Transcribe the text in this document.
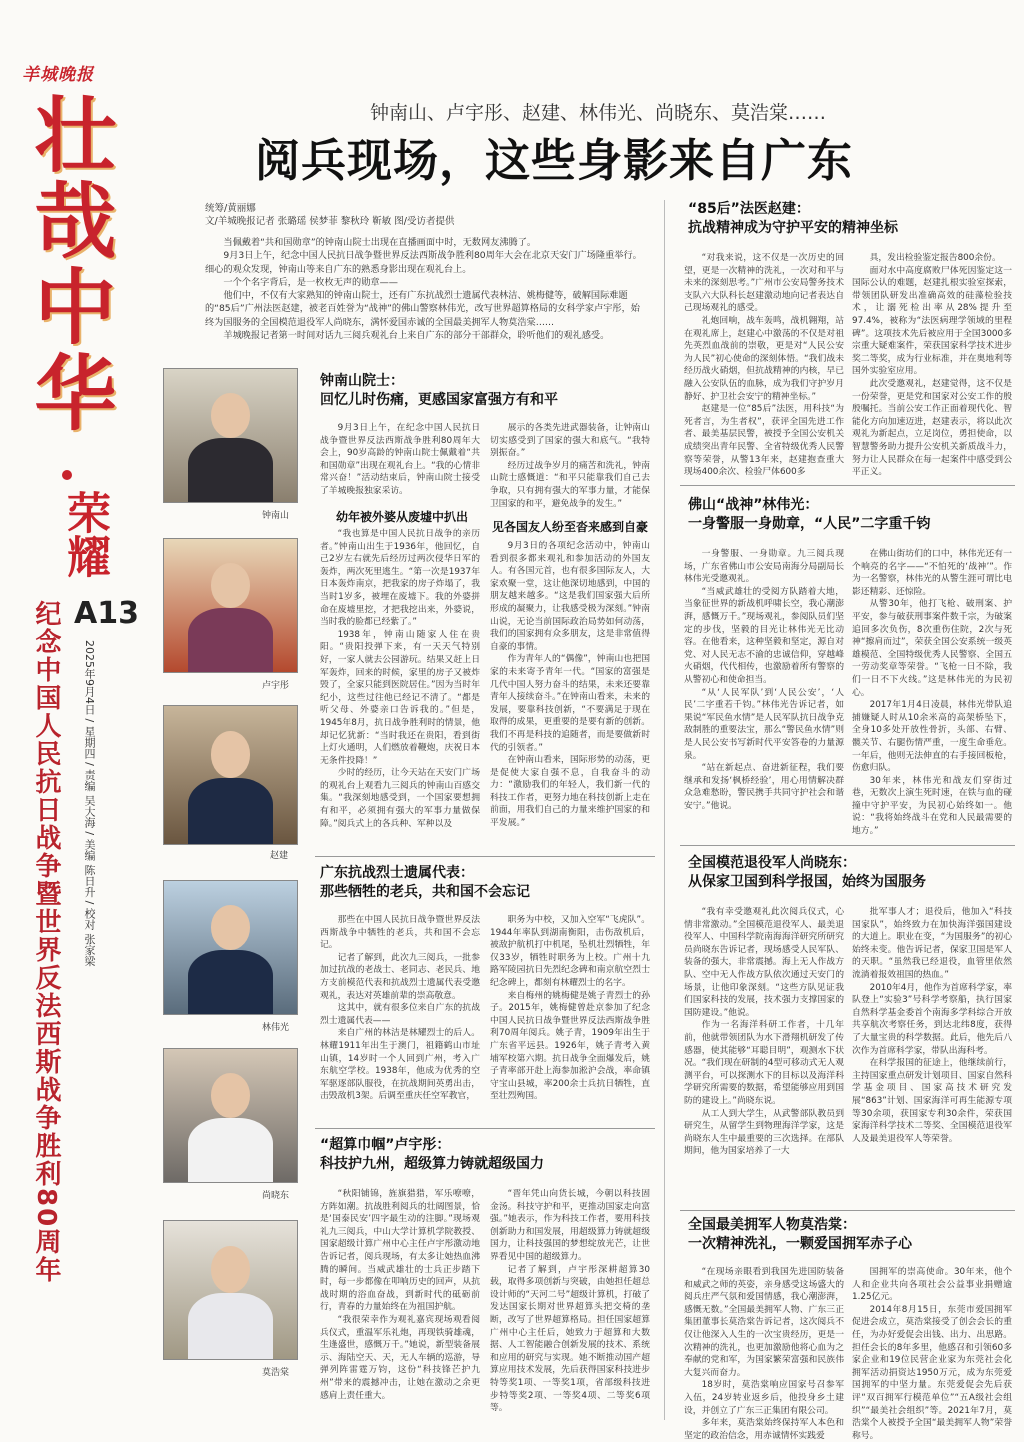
羊城晚报
壮哉中华
荣耀
纪念中国人民抗日战争暨世界反法西斯战争胜利80周年 A13
2025年9月4日 / 星期四 / 责编 吴大海 / 美编 陈日升 / 校对 张家梁
钟南山、卢宇彤、赵建、林伟光、尚晓东、莫浩棠……
阅兵现场，这些身影来自广东
统筹/黄丽娜
文/羊城晚报记者 张璐瑶 侯梦菲 黎秋玲 靳敏 图/受访者提供

当佩戴着“共和国勋章”的钟南山院士出现在直播画面中时，无数网友沸腾了。

9月3日上午，纪念中国人民抗日战争暨世界反法西斯战争胜利80周年大会在北京天安门广场隆重举行。细心的观众发现，钟南山等来自广东的熟悉身影出现在观礼台上。

一个个名字背后，是一枚枚无声的勋章——

他们中，不仅有大家熟知的钟南山院士，还有广东抗战烈士遗属代表林洁、姚梅健等，破解国际难题的“85后”广州法医赵建，被老百姓誉为“战神”的佛山警察林伟光，改写世界超算格局的女科学家卢宇彤，始终为国服务的全国模范退役军人尚晓东，满怀爱国赤诚的全国最美拥军人物莫浩棠……

羊城晚报记者第一时间对话九三阅兵观礼台上来自广东的部分干部群众，聆听他们的观礼感受。

钟南山
卢宇彤
赵建
林伟光
尚晓东
莫浩棠
钟南山院士：
回忆儿时伤痛，更感国家富强方有和平

9月3日上午，在纪念中国人民抗日战争暨世界反法西斯战争胜利80周年大会上，90岁高龄的钟南山院士佩戴着“共和国勋章”出现在观礼台上。“我的心情非常兴奋！”活动结束后，钟南山院士接受了羊城晚报独家采访。

幼年被外婆从废墟中扒出

“我也算是中国人民抗日战争的亲历者。”钟南山出生于1936年，他回忆，自己2岁左右就先后经历过两次侵华日军的轰炸，两次死里逃生。“第一次是1937年日本轰炸南京，把我家的房子炸塌了，我当时1岁多，被埋在废墟下。我的外婆拼命在废墟里挖，才把我挖出来，外婆说，当时我的脸都已经紫了。”

1938年，钟南山随家人住在贵阳。“贵阳投弹下来，有一天天气特别好，一家人就去公园游玩。结果又赶上日军轰炸，回来的时候，家里的房子又被炸毁了，全家只能到医院居住。”因为当时年纪小，这些过往他已经记不清了。“都是听父母、外婆亲口告诉我的。”但是，1945年8月，抗日战争胜利时的情景，他却记忆犹新：“当时我还在贵阳，看到街上灯火通明，人们燃放着鞭炮，庆祝日本无条件投降！”

少时的经历，让今天站在天安门广场的观礼台上观看九三阅兵的钟南山百感交集。“我深刻地感受到，一个国家要想拥有和平，必须拥有强大的军事力量做保障。”阅兵式上的各兵种、军种以及

展示的各类先进武器装备，让钟南山切实感受到了国家的强大和底气。“我特别振奋。”

经历过战争岁月的痛苦和洗礼，钟南山院士感慨道：“和平只能靠我们自己去争取，只有拥有强大的军事力量，才能保卫国家的和平，避免战争的发生。”

见各国友人纷至沓来感到自豪

9月3日的各项纪念活动中，钟南山看到很多都来观礼和参加活动的外国友人。有各国元首，也有很多国际友人，大家欢聚一堂，这让他深切地感到，中国的朋友越来越多。“这是我们国家强大后所形成的凝聚力，让我感受极为深刻。”钟南山说，无论当前国际政治局势如何动荡，我们的国家拥有众多朋友，这是非常值得自豪的事情。

作为青年人的“偶像”，钟南山也把国家的未来寄予青年一代。“国家的富强是几代中国人努力奋斗的结果，未来还要靠青年人接续奋斗。”在钟南山看来，未来的发展，要靠科技创新，“不要满足于现在取得的成果，更重要的是要有新的创新。我们不再是科技的追随者，而是要做新时代的引领者。”

在钟南山看来，国际形势的动荡，更是促使大家自强不息，自我奋斗的动力：“激励我们的年轻人，我们新一代的科技工作者，更努力地在科技创新上走在前面，用我们自己的力量来维护国家的和平发展。”

广东抗战烈士遗属代表：
那些牺牲的老兵，共和国不会忘记

那些在中国人民抗日战争暨世界反法西斯战争中牺牲的老兵，共和国不会忘记。

记者了解到，此次九三阅兵，一批参加过抗战的老战士、老同志、老民兵、地方支前模范代表和抗战烈士遗属代表受邀观礼，表达对英雄前辈的崇高敬意。

这其中，就有很多位来自广东的抗战烈士遗属代表——

来自广州的林洁是林耀烈士的后人。林耀1911年出生于澳门，祖籍鹤山市址山镇，14岁时一个人回到广州，考入广东航空学校。1938年，他成为优秀的空军驱逐部队服役，在抗战期间英勇出击，击毁敌机3架。后调至重庆任空军教官，

职务为中校，又加入空军“飞虎队”。1944年率队到湖南衡阳，击伤敌机后，被敌护航机打中机尾，坠机壮烈牺牲，年仅33岁，牺牲时职务为上校。广州十九路军陵园抗日先烈纪念碑和南京航空烈士纪念碑上，都刻有林耀烈士的名字。

来自梅州的姚梅健是姚子青烈士的孙子。2015年，姚梅健曾赴京参加了纪念中国人民抗日战争暨世界反法西斯战争胜利70周年阅兵。姚子青，1909年出生于广东省平远县。1926年，姚子青考入黄埔军校第六期。抗日战争全面爆发后，姚子青率部开赴上海参加淞沪会战，率命镇守宝山县城，率200余士兵抗日牺牲，直至壮烈殉国。

“超算巾帼”卢宇彤：
科技护九州，超级算力铸就超级国力

“秋阳铺锦，旌旗猎猎，军乐嘹嘹，方阵如潮。抗战胜利阅兵的壮阔图景，恰是‘国泰民安’四字最生动的注脚。”现场观礼九三阅兵，中山大学计算机学院教授、国家超级计算广州中心主任卢宇彤激动地告诉记者，阅兵现场，有太多让她热血沸腾的瞬间。当威武雄壮的士兵正步踏下时，每一步都像在叩响历史的回声，从抗战时期的浴血奋战，到新时代的砥砺前行，青春的力量始终在为祖国护航。

“我很荣幸作为观礼嘉宾现场观看阅兵仪式，重温军乐礼炮，再现铁骑雄魂，生逢盛世，感慨万千。”她说，新型装备展示、海陆空天、天，无人车辆的巡游，导弹列阵雷霆万钧，这份“科技锋芒护九州”带来的震撼冲击，让她在激动之余更感肩上责任重大。

“晋年凭山向货长城，今朝以科技固金汤。科技守护和平，更推动国家走向富强。”她表示，作为科技工作者，要用科技创新助力和国发展，用超级算力铸就超级国力，让科技强国的梦想绽放光芒，让世界看见中国的超级算力。

记者了解到，卢宇彤深耕超算30载，取得多项创新与突破，由她担任超总设计师的“天河二号”超级计算机，打破了发达国家长期对世界超算头把交椅的垄断，改写了世界超算格局。担任国家超算广州中心主任后，她致力于超算和大数据、人工智能融合创新发展的技术、系统和应用的研究与实现。她不断推动国产超算应用技术发展，先后获得国家科技进步特等奖1项、一等奖1项，省部级科技进步特等奖2项、一等奖4项、二等奖6项等。

“85后”法医赵建：
抗战精神成为守护平安的精神坐标

“对我来说，这不仅是一次历史的回望，更是一次精神的洗礼，一次对和平与未来的深刻思考。”广州市公安局警务技术支队六大队科长赵建激动地向记者表达自己现场观礼的感受。

礼炮回响，战车轰鸣，战机翱翔，站在观礼席上，赵建心中激荡的不仅是对祖先英烈血战前的崇敬，更是对“人民公安为人民”初心使命的深刻体悟。“我们战未经历战火硝烟，但抗战精神的内核，早已融入公安队伍的血脉，成为我们守护岁月静好、护卫社会安宁的精神坐标。”

赵建是一位“85后”法医，用科技“为死者言，为生者权”，获评全国先进工作者、最美基层民警，被授予全国公安机关成绩突出青年民警、全省特级优秀人民警察等荣誉，从警13年来，赵建抱查重大现场400余次、检验尸体600多

具，发出检验鉴定报告800余份。

面对水中高度腐败尸体死因鉴定这一国际公认的难题，赵建扎根实验室探索，带领团队研发出准确高效的硅藻检验技术，让溺死检出率从28%提升至97.4%，被称为“法医病理学领域的里程碑”。这项技术先后被应用于全国3000多宗重大疑难案件，荣获国家科学技术进步奖二等奖，成为行业标准，并在奥地利等国外实验室应用。

此次受邀观礼，赵建觉得，这不仅是一份荣誉，更是党和国家对公安工作的殷殷嘱托。当前公安工作正面着现代化、智能化方向加速迈进，赵建表示，将以此次观礼为新起点，立足岗位，勇担使命，以智慧警务助力提升公安机关新质战斗力，努力让人民群众在每一起案件中感受到公平正义。

佛山“战神”林伟光：
一身警服一身勋章，“人民”二字重千钧

一身警服、一身勋章。九三阅兵现场，广东省佛山市公安局南海分局副局长林伟光受邀观礼。

“当威武雄壮的受阅方队踏着大地，当象征世界的新战机呼啸长空，我心潮澎湃，感慨万千。”现场观礼，参阅队员们坚定的步伐，坚毅的目光让林伟光无比动容。在他看来，这种坚毅和坚定，源自对党、对人民无志不渝的忠诚信仰，穿越峰火硝烟，代代相传，也激励着所有警察的从警初心和使命担当。

“从‘人民军队’到‘人民公安’，‘人民’二字重若千钧。”林伟光告诉记者，如果说“军民鱼水情”是人民军队抗日战争克敌制胜的重要法宝，那么“警民鱼水情”则是人民公安书写新时代平安答卷的力量源泉。

“站在新起点、奋进新征程，我们要继承和发扬‘枫桥经验’，用心用情解决群众急难愁盼，警民携手共同守护社会和谐安宁。”他说。

在佛山街坊们的口中，林伟光还有一个响亮的名字——“不怕死的‘战神’”。作为一名警察，林伟光的从警生涯可谓比电影还精彩、还惊险。

从警30年，他打飞枪、破刑案、护平安，参与破获刑事案件数千宗，为破案追回多次负伤，8次重伤住院，2次与死神“擦肩而过”，荣获全国公安系统一级英雄模范、全国特级优秀人民警察、全国五一劳动奖章等荣誉。“飞枪一日不除，我们一日不下火线。”这是林伟光的为民初心。

2017年1月4日凌晨，林伟光带队追捕嫌疑人时从10余米高的高架桥坠下，全身10多处开放性骨折，头部、右臂、髋关节、右腿伤情严重，一度生命垂危。一年后，他则无法伸直的右手接回板枪，伤愈归队。

30年来，林伟光和战友们穿街过巷，无数次上演生死时速，在铁与血的碰撞中守护平安，为民初心始终如一。他说：“我将始终战斗在党和人民最需要的地方。”

全国模范退役军人尚晓东：
从保家卫国到科学报国，始终为国服务

“我有幸受邀观礼此次阅兵仪式，心情非常激动。”全国模范退役军人、最美退役军人、中国科学院南海海洋研究所研究员尚晓东告诉记者，现场感受人民军队、装备的强大，非常震撼。海上无人作战方队、空中无人作战方队依次通过天安门的场景，让他印象深刻。“这些方队见证我们国家科技的发展，技术强力支撑国家的国防建设。”他说。

作为一名海洋科研工作者，十几年前，他就带领团队为水下滑翔机研发了传感器，使其能够“耳聪目明”，观测水下状况。“我们现在研制的4型可移动式无人观测平台，可以探测水下的目标以及海洋科学研究所需要的数据，希望能够应用到国防的建设上。”尚晓东说。

从工人到大学生，从武警部队教员到研究生，从留学生到物理海洋学家，这是尚晓东人生中最重要的三次选择。在部队期间，他为国家培养了一大

批军事人才；退役后，他加入“科技国家队”，始终致力在加快海洋强国建设的大道上。职业在变，“为国服务”的初心始终未变。他告诉记者，保家卫国是军人的天职。“虽然我已经退役，血管里依然流淌着报效祖国的热血。”

2010年4月，他作为首席科学家，率队登上“实验3”号科学考察船，执行国家自然科学基金委首个南海多学科综合开放共享航次考察任务，到达北纬8度，获得了大量宝贵的科学数据。此后，他先后八次作为首席科学家，带队出海科考。

在科学报国的征途上，他继续前行，主持国家重点研发计划项目、国家自然科学基金项目、国家高技术研究发展“863”计划、国家海洋可再生能源专项等30余项，获国家专利30余件，荣获国家海洋科学技术二等奖、全国模范退役军人及最美退役军人等荣誉。

全国最美拥军人物莫浩棠：
一次精神洗礼，一颗爱国拥军赤子心

“在现场亲眼看到我国先进国防装备和威武之师的英姿，亲身感受这场盛大的阅兵庄严气氛和爱国情感，我心潮澎湃，感慨无数。”全国最美拥军人物、广东三正集团董事长莫浩棠告诉记者，这次阅兵不仅让他深入人生的一次宝贵经历，更是一次精神的洗礼，也更加激励他将心血为之奉献的党和军，为国家繁荣富强和民族伟大复兴而奋力。

18岁时，莫浩棠响应国家号召参军入伍，24岁转业返乡后，他投身乡土建设，并创立了广东三正集团有限公司。

多年来，莫浩棠始终保持军人本色和坚定的政治信念，用赤诚情怀实践爱

国拥军的崇高使命。30年来，他个人和企业共向各项社会公益事业捐赠逾1.25亿元。

2014年8月15日，东莞市爱国拥军促进会成立，莫浩棠接受了创会会长的重任，为办好爱促会出钱、出力、出思路。担任会长的8年多里，他感召和引领60多家企业和19位民营企业家为东莞社会化拥军活动捐资达1950万元，成为东莞爱国拥军的中坚力量。东莞爱促会先后获评“双百拥军行模范单位”“五A级社会组织”“最美社会组织”等。2021年7月，莫浩棠个人被授予全国“最美拥军人物”荣誉称号。
